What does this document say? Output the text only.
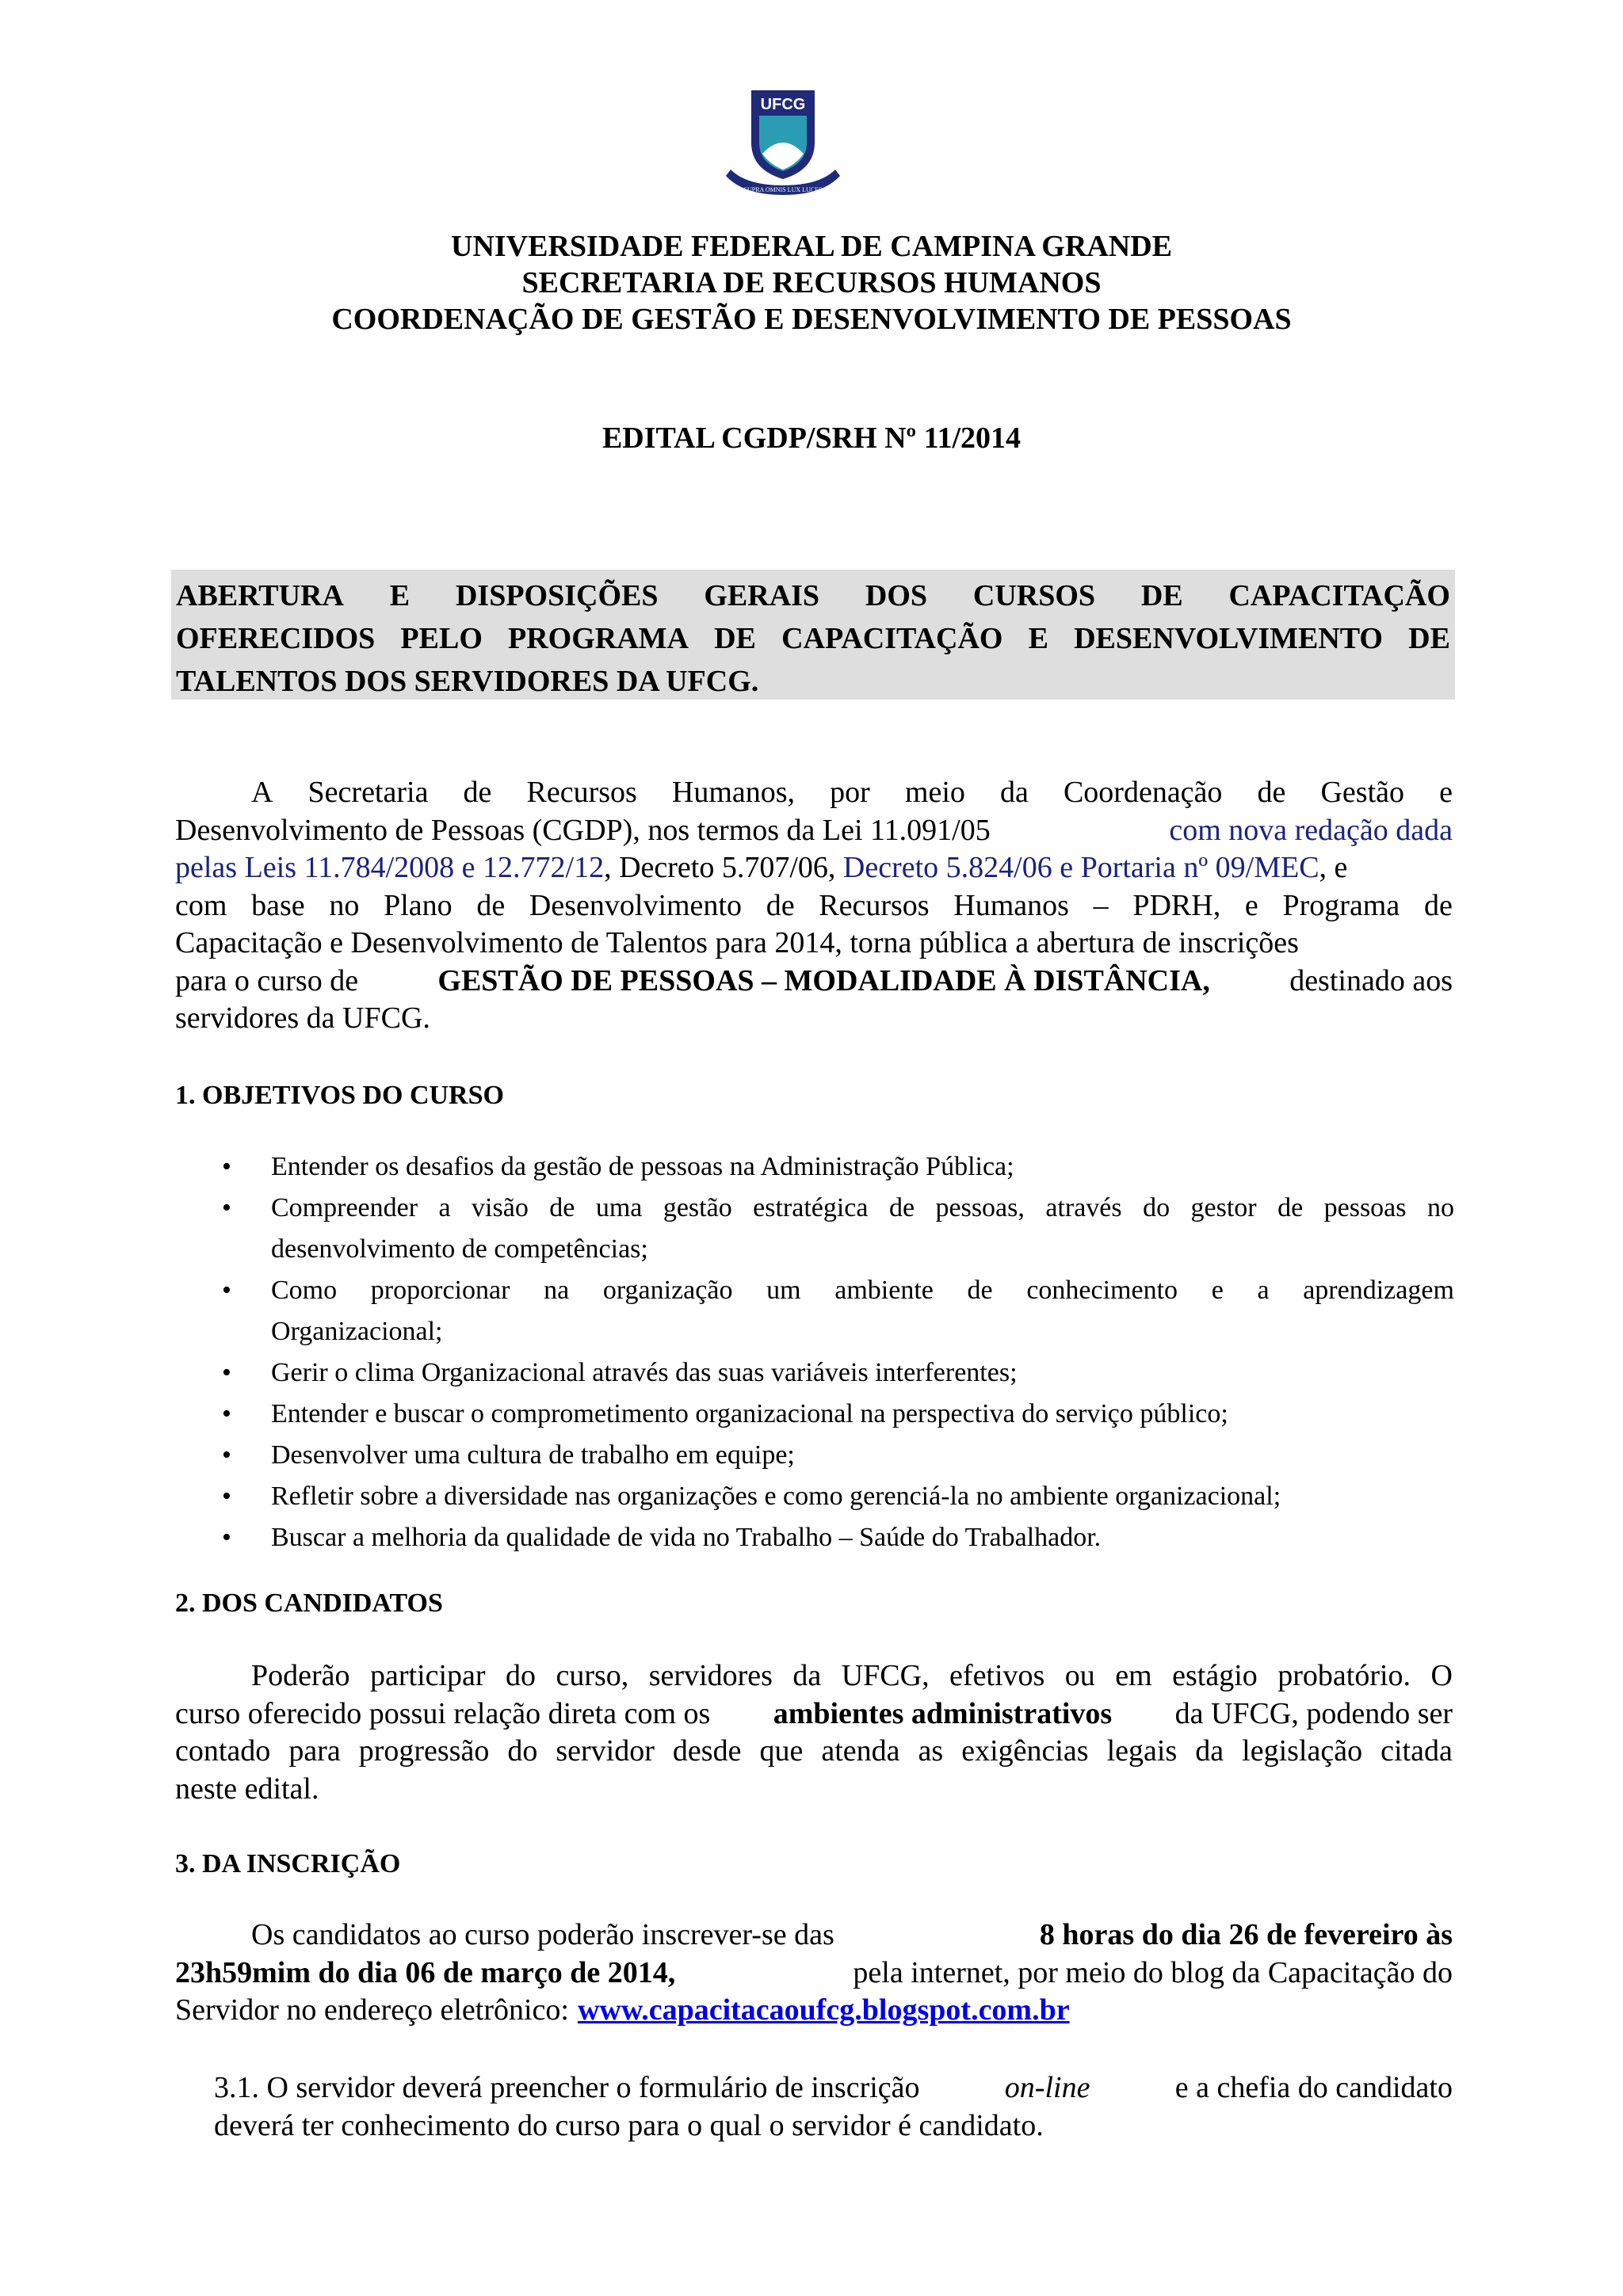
UFCG
SUPRA OMNIS LUX LUCES
UNIVERSIDADE FEDERAL DE CAMPINA GRANDE
SECRETARIA DE RECURSOS HUMANOS
COORDENAÇÃO DE GESTÃO E DESENVOLVIMENTO DE PESSOAS
EDITAL CGDP/SRH Nº 11/2014
ABERTURA E DISPOSIÇÕES GERAIS DOS CURSOS DE CAPACITAÇÃO
OFERECIDOS PELO PROGRAMA DE CAPACITAÇÃO E DESENVOLVIMENTO DE
TALENTOS DOS SERVIDORES DA UFCG.
A Secretaria de Recursos Humanos, por meio da Coordenação de Gestão e
Desenvolvimento de Pessoas (CGDP), nos termos da Lei 11.091/05	com nova redação dada
pelas Leis 11.784/2008 e 12.772/12 , Decreto 5.707/06, Decreto 5.824/06 e Portaria nº 09/MEC , e
com base no Plano de Desenvolvimento de Recursos Humanos – PDRH, e Programa de
Capacitação e Desenvolvimento de Talentos para 2014, torna pública a abertura de inscrições
para o curso de	GESTÃO DE PESSOAS – MODALIDADE À DISTÂNCIA,	destinado aos
servidores da UFCG.
1. OBJETIVOS DO CURSO
• Entender os desafios da gestão de pessoas na Administração Pública;
• Compreender a visão de uma gestão estratégica de pessoas, através do gestor de pessoas no
desenvolvimento de competências;
• Como proporcionar na organização um ambiente de conhecimento e a aprendizagem
Organizacional;
• Gerir o clima Organizacional através das suas variáveis interferentes;
• Entender e buscar o comprometimento organizacional na perspectiva do serviço público;
• Desenvolver uma cultura de trabalho em equipe;
• Refletir sobre a diversidade nas organizações e como gerenciá-la no ambiente organizacional;
• Buscar a melhoria da qualidade de vida no Trabalho – Saúde do Trabalhador.
2. DOS CANDIDATOS
Poderão participar do curso, servidores da UFCG, efetivos ou em estágio probatório. O
curso oferecido possui relação direta com os ambientes administrativos da UFCG, podendo ser
contado para progressão do servidor desde que atenda as exigências legais da legislação citada
neste edital.
3. DA INSCRIÇÃO
Os candidatos ao curso poderão inscrever-se das	8 horas do dia 26 de fevereiro às
23h59mim do dia 06 de março de 2014,	pela internet, por meio do blog da Capacitação do
Servidor no endereço eletrônico: www.capacitacaoufcg.blogspot.com.br
3.1. O servidor deverá preencher o formulário de inscrição	on-line	e a chefia do candidato
deverá ter conhecimento do curso para o qual o servidor é candidato.
